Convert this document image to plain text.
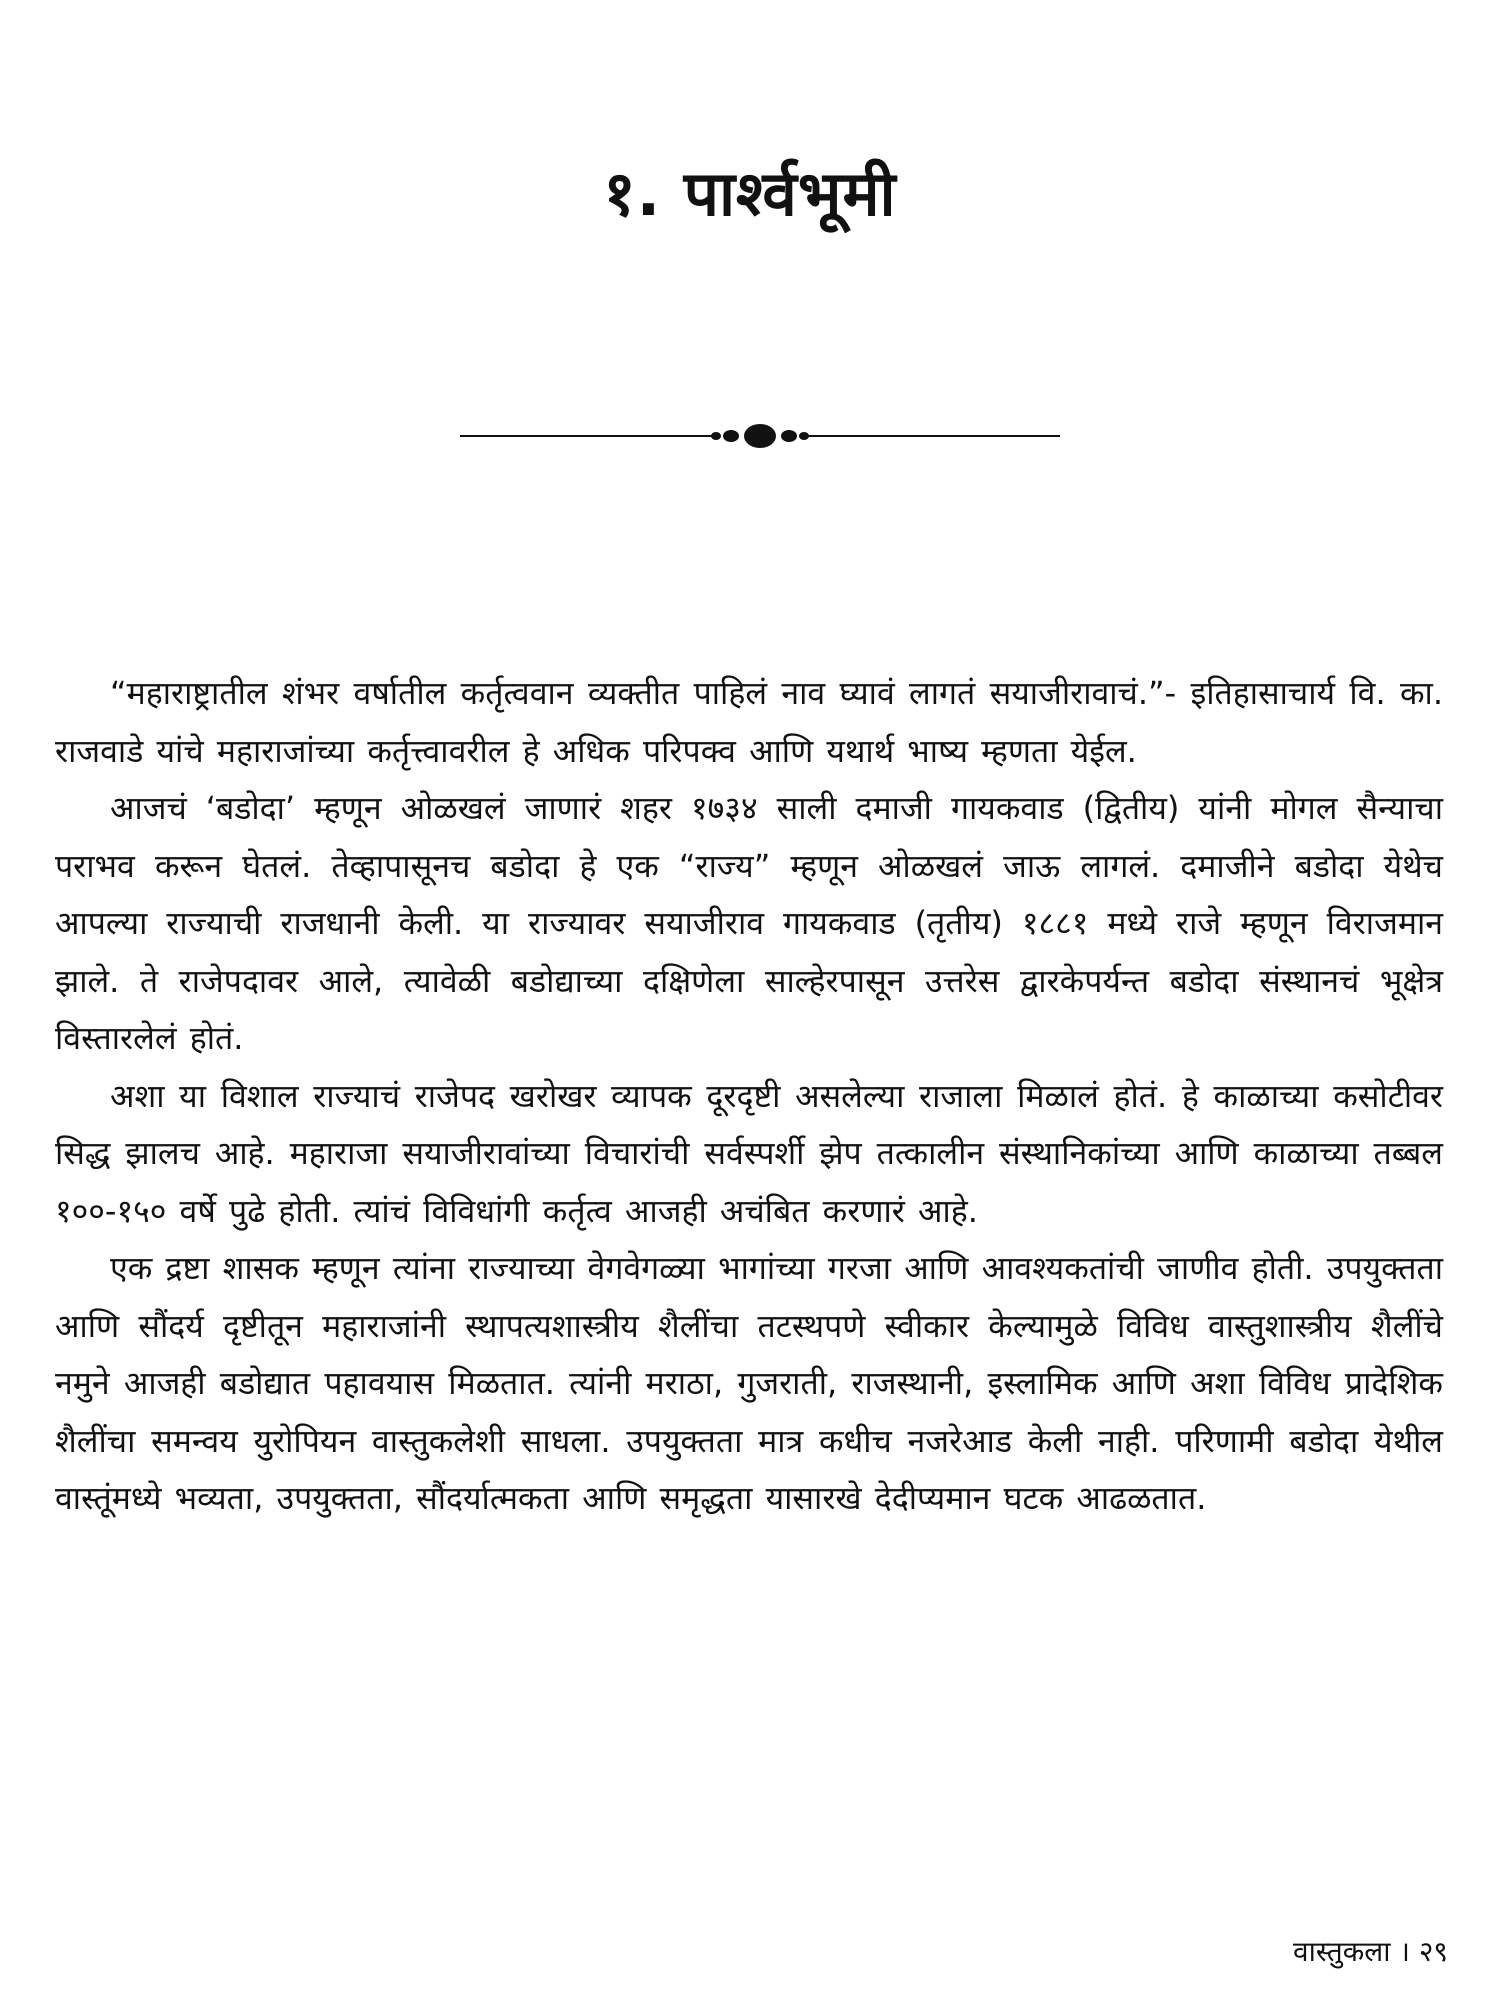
१. पार्श्वभूमी

“महाराष्ट्रातील शंभर वर्षातील कर्तृत्ववान व्यक्तीत पाहिलं नाव घ्यावं लागतं सयाजीरावाचं.”- इतिहासाचार्य वि. का. राजवाडे यांचे महाराजांच्या कर्तृत्त्वावरील हे अधिक परिपक्व आणि यथार्थ भाष्य म्हणता येईल.

आजचं ‘बडोदा’ म्हणून ओळखलं जाणारं शहर १७३४ साली दमाजी गायकवाड (द्वितीय) यांनी मोगल सैन्याचा पराभव करून घेतलं. तेव्हापासूनच बडोदा हे एक “राज्य” म्हणून ओळखलं जाऊ लागलं. दमाजीने बडोदा येथेच आपल्या राज्याची राजधानी केली. या राज्यावर सयाजीराव गायकवाड (तृतीय) १८८१ मध्ये राजे म्हणून विराजमान झाले. ते राजेपदावर आले, त्यावेळी बडोद्याच्या दक्षिणेला साल्हेरपासून उत्तरेस द्वारकेपर्यन्त बडोदा संस्थानचं भूक्षेत्र विस्तारलेलं होतं.

अशा या विशाल राज्याचं राजेपद खरोखर व्यापक दूरदृष्टी असलेल्या राजाला मिळालं होतं. हे काळाच्या कसोटीवर सिद्ध झालच आहे. महाराजा सयाजीरावांच्या विचारांची सर्वस्पर्शी झेप तत्कालीन संस्थानिकांच्या आणि काळाच्या तब्बल १००-१५० वर्षे पुढे होती. त्यांचं विविधांगी कर्तृत्व आजही अचंबित करणारं आहे.

एक द्रष्टा शासक म्हणून त्यांना राज्याच्या वेगवेगळ्या भागांच्या गरजा आणि आवश्यकतांची जाणीव होती. उपयुक्तता आणि सौंदर्य दृष्टीतून महाराजांनी स्थापत्यशास्त्रीय शैलींचा तटस्थपणे स्वीकार केल्यामुळे विविध वास्तुशास्त्रीय शैलींचे नमुने आजही बडोद्यात पहावयास मिळतात. त्यांनी मराठा, गुजराती, राजस्थानी, इस्लामिक आणि अशा विविध प्रादेशिक शैलींचा समन्वय युरोपियन वास्तुकलेशी साधला. उपयुक्तता मात्र कधीच नजरेआड केली नाही. परिणामी बडोदा येथील वास्तूंमध्ये भव्यता, उपयुक्तता, सौंदर्यात्मकता आणि समृद्धता यासारखे देदीप्यमान घटक आढळतात.

वास्तुकला । २९
